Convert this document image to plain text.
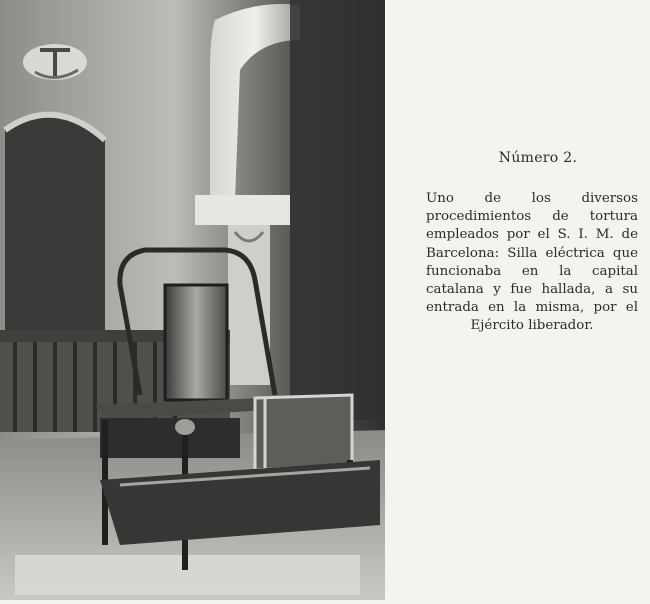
Número 2.

Uno de los diversos procedimientos de tortura empleados por el S. I. M. de Barcelona: Silla eléctrica que funcionaba en la capital catalana y fue hallada, a su entrada en la misma, por el Ejército liberador.
